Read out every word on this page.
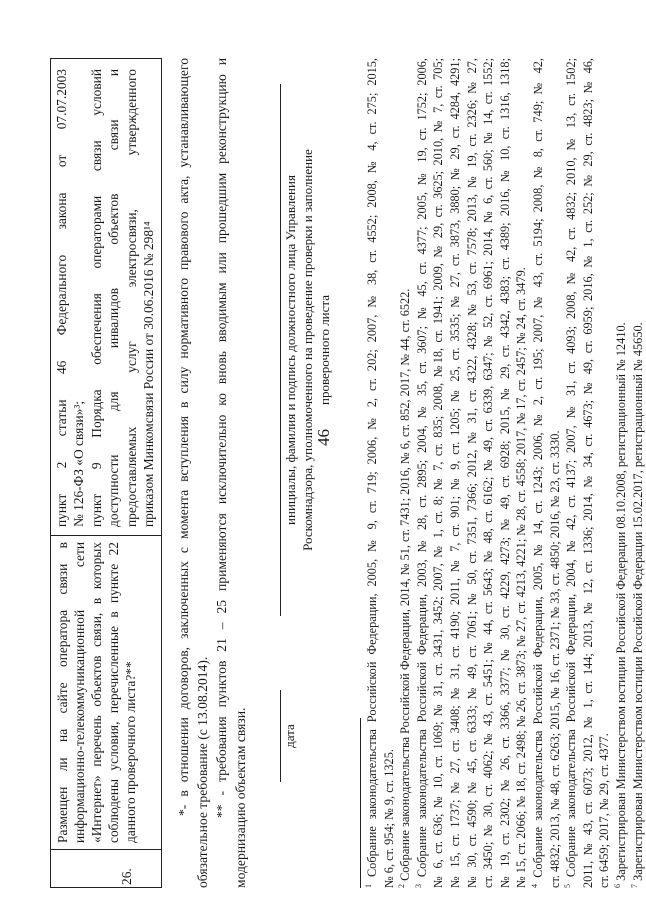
46
26.
Размещен ли на сайте оператора связи в информационно-телекоммуникационной сети «Интернет» перечень объектов связи, в которых соблюдены условия, перечисленные в пункте 22 данного проверочного листа?**
пункт 2 статьи 46 Федерального закона от 07.07.2003 № 126-ФЗ «О связи»³; пункт 9 Порядка обеспечения операторами связи условий доступности для инвалидов объектов связи и предоставляемых услуг электросвязи, утвержденного приказом Минкомсвязи России от 30.06.2016 № 298¹⁴ *- в отношении договоров, заключенных с момента вступления в силу нормативного правового акта, устанавливающего обязательное требование (с 13.08.2014). ** - требования пунктов 21 – 25 применяются исключительно ко вновь вводимым или прошедшим реконструкцию и модернизацию объектам связи.	дата
инициалы, фамилия и подпись должностного лица Управления Роскомнадзора, уполномоченного на проведение проверки и заполнение проверочного листа
$^1$ Собрание законодательства Российской Федерации, 2005, № 9, ст. 719; 2006, № 2, ст. 202; 2007, № 38, ст. 4552; 2008, № 4, ст. 275; 2015, № 6, ст. 954; № 9, ст. 1325. $^2$ Собрание законодательства Российской Федерации, 2014, № 51, ст. 7431; 2016, № 6, ст. 852, 2017, № 44, ст. 6522.
$^3$ Собрание законодательства Российской Федерации, 2003, № 28, ст. 2895; 2004, № 35, ст. 3607; № 45, ст. 4377; 2005, № 19, ст. 1752; 2006, № 6, ст. 636; № 10, ст. 1069; № 31, ст. 3431, 3452; 2007, № 1, ст. 8; № 7, ст. 835; 2008, №18, ст. 1941; 2009, № 29, ст. 3625; 2010, № 7, ст. 705; № 15, ст. 1737; № 27, ст. 3408; № 31, ст. 4190; 2011, № 7, ст. 901; № 9, ст. 1205; № 25, ст. 3535; № 27, ст. 3873, 3880; № 29, ст. 4284, 4291; № 30, ст. 4590; № 45, ст. 6333; № 49, ст. 7061; № 50, ст. 7351, 7366; 2012, № 31, ст. 4322, 4328; № 53, ст. 7578; 2013, № 19, ст. 2326; № 27, ст. 3450; № 30, ст. 4062; № 43, ст. 5451; № 44, ст. 5643; № 48, ст. 6162; № 49, ст. 6339, 6347; № 52, ст. 6961; 2014, № 6, ст. 560; № 14, ст. 1552; № 19, ст. 2302; № 26, ст. 3366, 3377; № 30, ст. 4229, 4273; № 49, ст. 6928; 2015, № 29, ст. 4342, 4383; ст. 4389; 2016, № 10, ст. 1316, 1318; № 15, ст. 2066; № 18, ст. 2498; № 26, ст. 3873; № 27, ст. 4213, 4221; № 28, ст. 4558; 2017, № 17, ст. 2457; № 24, ст. 3479. $^4$ Собрание законодательства Российской Федерации, 2005, № 14, ст. 1243; 2006, № 2, ст. 195; 2007, № 43, ст. 5194; 2008, № 8, ст. 749; № 42, ст. 4832; 2013, № 48, ст. 6263; 2015, № 16, ст. 2371; № 33, ст. 4850; 2016, № 23, ст. 3330. $^5$ Собрание законодательства Российской Федерации, 2004, № 42, ст. 4137; 2007, № 31, ст. 4093; 2008, № 42, ст. 4832; 2010, № 13, ст. 1502; 2011, № 43, ст. 6073; 2012, № 1, ст. 144; 2013, № 12, ст. 1336; 2014, № 34, ст. 4673; № 49, ст. 6959; 2016, № 1, ст. 252; № 29, ст. 4823; № 46, ст. 6459; 2017, № 29, ст. 4377. $^6$ Зарегистрирован Министерством юстиции Российской Федерации 08.10.2008, регистрационный № 12410.
$^7$ Зарегистрирован Министерством юстиции Российской Федерации 15.02.2017, регистрационный № 45650.
